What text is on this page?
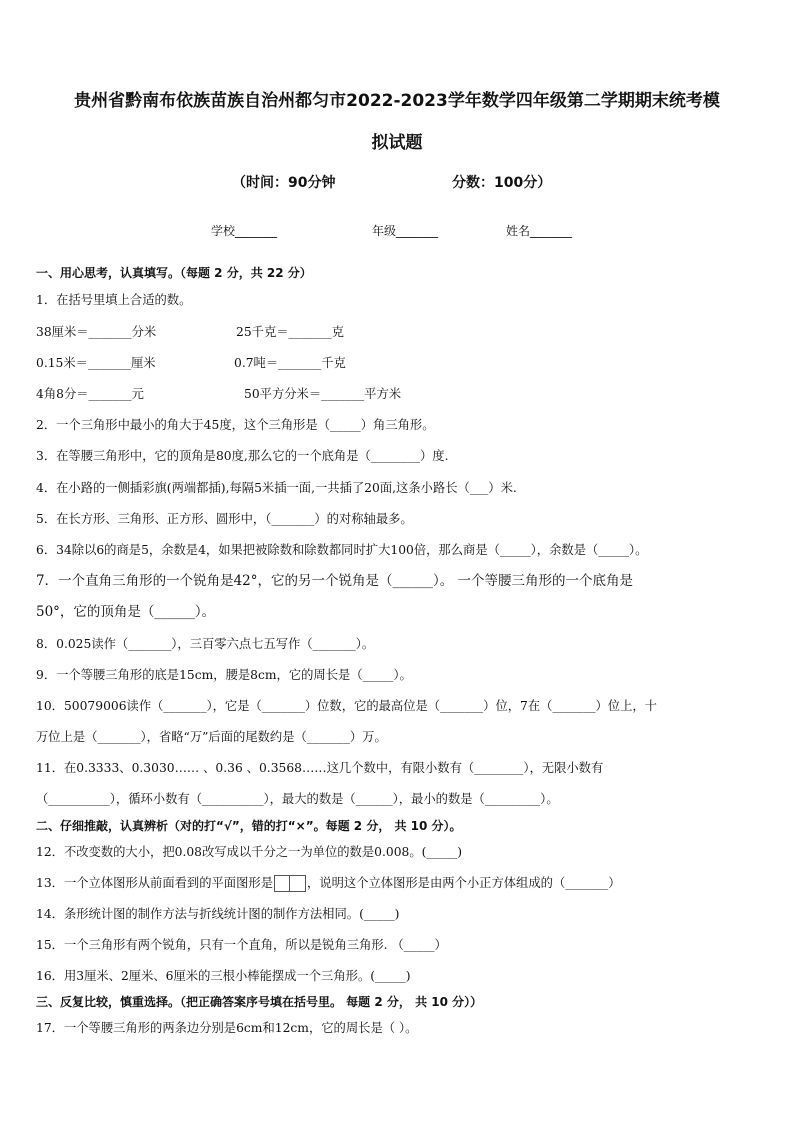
贵州省黔南布依族苗族自治州都匀市2022-2023学年数学四年级第二学期期末统考模
拟试题
（时间：90分钟	分数：100分）
学校_______	年级_______	姓名_______
一、用心思考，认真填写。（每题 2 分，共 22 分）
1．在括号里填上合适的数。
38厘米＝_______分米	25千克＝_______克
0.15米＝_______厘米	0.7吨＝_______千克
4角8分＝_______元	50平方分米＝_______平方米
2．一个三角形中最小的角大于45度，这个三角形是（_____）角三角形。
3．在等腰三角形中，它的顶角是80度,那么它的一个底角是（________）度.
4．在小路的一侧插彩旗(两端都插),每隔5米插一面,一共插了20面,这条小路长（___）米.
5．在长方形、三角形、正方形、圆形中，（_______）的对称轴最多。
6．34除以6的商是5，余数是4，如果把被除数和除数都同时扩大100倍，那么商是（_____），余数是（_____）。
7．一个直角三角形的一个锐角是42°，它的另一个锐角是（______）。 一个等腰三角形的一个底角是
50°，它的顶角是（______）。
8．0.025读作（_______），三百零六点七五写作（_______）。
9．一个等腰三角形的底是15cm，腰是8cm，它的周长是（_____）。
10．50079006读作（_______），它是（_______）位数，它的最高位是（_______）位，7在（_______）位上，十
万位上是（_______），省略“万”后面的尾数约是（_______）万。
11．在0.3333、0.3030…… 、0.36 、0.3568……这几个数中，有限小数有（________），无限小数有
（__________），循环小数有（__________），最大的数是（______），最小的数是（_________）。
二、仔细推敲，认真辨析（对的打“√”，错的打“×”。每题 2 分， 共 10 分）。
12．不改变数的大小，把0.08改写成以千分之一为单位的数是0.008。(_____)
13．一个立体图形从前面看到的平面图形是	，说明这个立体图形是由两个小正方体组成的（_______）
14．条形统计图的制作方法与折线统计图的制作方法相同。(_____)
15．一个三角形有两个锐角，只有一个直角，所以是锐角三角形. （_____）
16．用3厘米、2厘米、6厘米的三根小棒能摆成一个三角形。(_____)
三、反复比较，慎重选择。（把正确答案序号填在括号里。 每题 2 分， 共 10 分））
17．一个等腰三角形的两条边分别是6cm和12cm，它的周长是（ ）。
